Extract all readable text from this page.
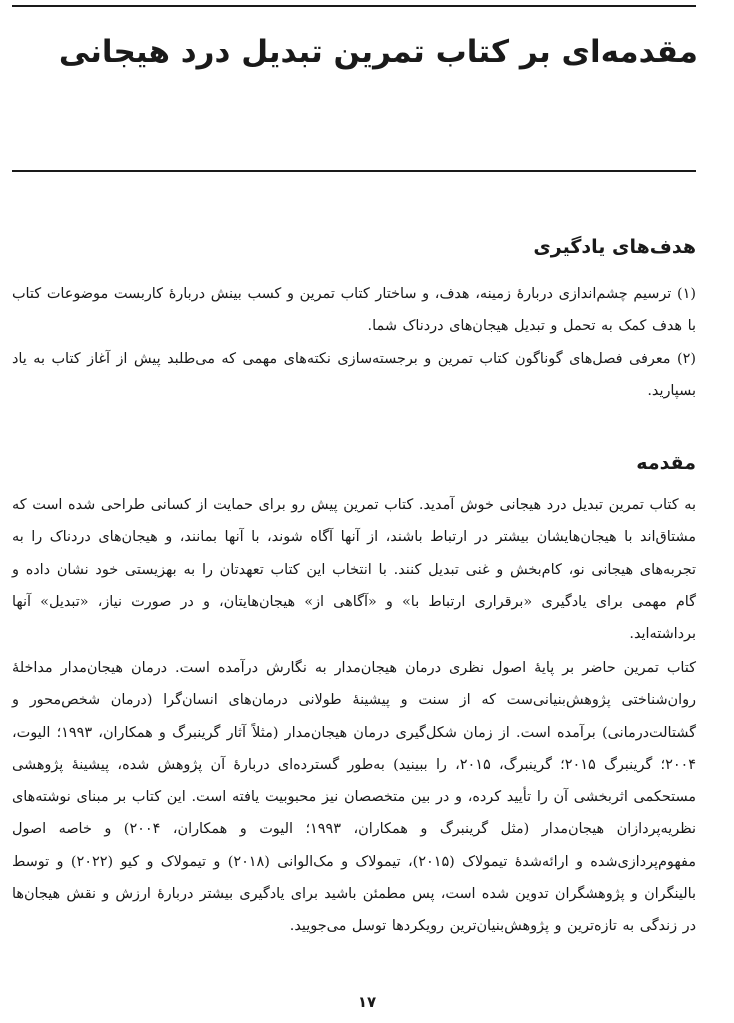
مقدمه‌ای بر کتاب تمرین تبدیل درد هیجانی
هدف‌های یادگیری

(۱) ترسیم چشم‌اندازی دربارهٔ زمینه، هدف، و ساختار کتاب تمرین و کسب بینش دربارهٔ کاربست موضوعات کتاب با هدف کمک به تحمل و تبدیل هیجان‌های دردناک شما.

(۲) معرفی فصل‌های گوناگون کتاب تمرین و برجسته‌سازی نکته‌های مهمی که می‌طلبد پیش از آغاز کتاب به یاد بسپارید.

مقدمه

به کتاب تمرین تبدیل درد هیجانی خوش آمدید. کتاب تمرین پیش رو برای حمایت از کسانی طراحی شده است که مشتاق‌اند با هیجان‌هایشان بیشتر در ارتباط باشند، از آنها آگاه شوند، با آنها بمانند، و هیجان‌های دردناک را به تجربه‌های هیجانی نو، کام‌بخش و غنی تبدیل کنند. با انتخاب این کتاب تعهدتان را به بهزیستی خود نشان داده و گام مهمی برای یادگیری «برقراری ارتباط با» و «آگاهی از» هیجان‌هایتان، و در صورت نیاز، «تبدیل» آنها برداشته‌اید.

کتاب تمرین حاضر بر پایهٔ اصول نظری درمان هیجان‌مدار به نگارش درآمده است. درمان هیجان‌مدار مداخلهٔ روان‌شناختی پژوهش‌بنیانی‌ست که از سنت و پیشینهٔ طولانی درمان‌های انسان‌گرا (درمان شخص‌محور و گشتالت‌درمانی) برآمده است. از زمان شکل‌گیری درمان هیجان‌مدار (مثلاً آثار گرینبرگ و همکاران، ۱۹۹۳؛ الیوت، ۲۰۰۴؛ گرینبرگ ۲۰۱۵؛ گرینبرگ، ۲۰۱۵، را ببینید) به‌طور گسترده‌ای دربارهٔ آن پژوهش شده، پیشینهٔ پژوهشی مستحکمی اثربخشی آن را تأیید کرده، و در بین متخصصان نیز محبوبیت یافته است. این کتاب بر مبنای نوشته‌های نظریه‌پردازان هیجان‌مدار (مثل گرینبرگ و همکاران، ۱۹۹۳؛ الیوت و همکاران، ۲۰۰۴) و خاصه اصول مفهوم‌پردازی‌شده و ارائه‌شدهٔ تیمولاک (۲۰۱۵)، تیمولاک و مک‌الوانی (۲۰۱۸) و تیمولاک و کیو (۲۰۲۲) و توسط بالینگران و پژوهشگران تدوین شده است، پس مطمئن باشید برای یادگیری بیشتر دربارهٔ ارزش و نقش هیجان‌ها در زندگی به تازه‌ترین و پژوهش‌بنیان‌ترین رویکردها توسل می‌جویید.

۱۷
